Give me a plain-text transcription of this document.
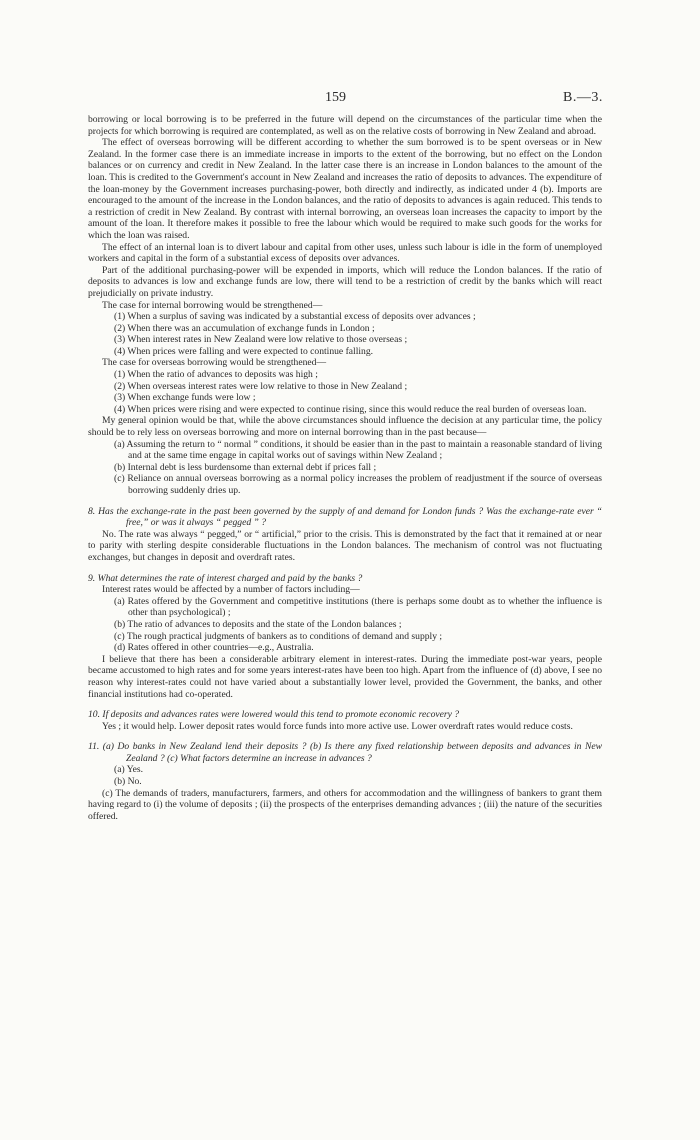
159	B.—3.

borrowing or local borrowing is to be preferred in the future will depend on the circumstances of the particular time when the projects for which borrowing is required are contemplated, as well as on the relative costs of borrowing in New Zealand and abroad.

The effect of overseas borrowing will be different according to whether the sum borrowed is to be spent overseas or in New Zealand. In the former case there is an immediate increase in imports to the extent of the borrowing, but no effect on the London balances or on currency and credit in New Zealand. In the latter case there is an increase in London balances to the amount of the loan. This is credited to the Government's account in New Zealand and increases the ratio of deposits to advances. The expenditure of the loan-money by the Government increases purchasing-power, both directly and indirectly, as indicated under 4 (b). Imports are encouraged to the amount of the increase in the London balances, and the ratio of deposits to advances is again reduced. This tends to a restriction of credit in New Zealand. By contrast with internal borrowing, an overseas loan increases the capacity to import by the amount of the loan. It therefore makes it possible to free the labour which would be required to make such goods for the works for which the loan was raised.

The effect of an internal loan is to divert labour and capital from other uses, unless such labour is idle in the form of unemployed workers and capital in the form of a substantial excess of deposits over advances.

Part of the additional purchasing-power will be expended in imports, which will reduce the London balances. If the ratio of deposits to advances is low and exchange funds are low, there will tend to be a restriction of credit by the banks which will react prejudicially on private industry.

The case for internal borrowing would be strengthened—

(1) When a surplus of saving was indicated by a substantial excess of deposits over advances ;

(2) When there was an accumulation of exchange funds in London ;

(3) When interest rates in New Zealand were low relative to those overseas ;

(4) When prices were falling and were expected to continue falling.

The case for overseas borrowing would be strengthened—

(1) When the ratio of advances to deposits was high ;

(2) When overseas interest rates were low relative to those in New Zealand ;

(3) When exchange funds were low ;

(4) When prices were rising and were expected to continue rising, since this would reduce the real burden of overseas loan.

My general opinion would be that, while the above circumstances should influence the decision at any particular time, the policy should be to rely less on overseas borrowing and more on internal borrowing than in the past because—

(a) Assuming the return to “ normal ” conditions, it should be easier than in the past to maintain a reasonable standard of living and at the same time engage in capital works out of savings within New Zealand ;

(b) Internal debt is less burdensome than external debt if prices fall ;

(c) Reliance on annual overseas borrowing as a normal policy increases the problem of readjustment if the source of overseas borrowing suddenly dries up.

8. Has the exchange-rate in the past been governed by the supply of and demand for London funds ? Was the exchange-rate ever “ free,” or was it always “ pegged ” ?

No. The rate was always “ pegged,” or “ artificial,” prior to the crisis. This is demonstrated by the fact that it remained at or near to parity with sterling despite considerable fluctuations in the London balances. The mechanism of control was not fluctuating exchanges, but changes in deposit and overdraft rates.

9. What determines the rate of interest charged and paid by the banks ?

Interest rates would be affected by a number of factors including—

(a) Rates offered by the Government and competitive institutions (there is perhaps some doubt as to whether the influence is other than psychological) ;

(b) The ratio of advances to deposits and the state of the London balances ;

(c) The rough practical judgments of bankers as to conditions of demand and supply ;

(d) Rates offered in other countries—e.g., Australia.

I believe that there has been a considerable arbitrary element in interest-rates. During the immediate post-war years, people became accustomed to high rates and for some years interest-rates have been too high. Apart from the influence of (d) above, I see no reason why interest-rates could not have varied about a substantially lower level, provided the Government, the banks, and other financial institutions had co-operated.

10. If deposits and advances rates were lowered would this tend to promote economic recovery ?

Yes ; it would help. Lower deposit rates would force funds into more active use. Lower overdraft rates would reduce costs.

11. (a) Do banks in New Zealand lend their deposits ? (b) Is there any fixed relationship between deposits and advances in New Zealand ? (c) What factors determine an increase in advances ?

(a) Yes.

(b) No.

(c) The demands of traders, manufacturers, farmers, and others for accommodation and the willingness of bankers to grant them having regard to (i) the volume of deposits ; (ii) the prospects of the enterprises demanding advances ; (iii) the nature of the securities offered.
